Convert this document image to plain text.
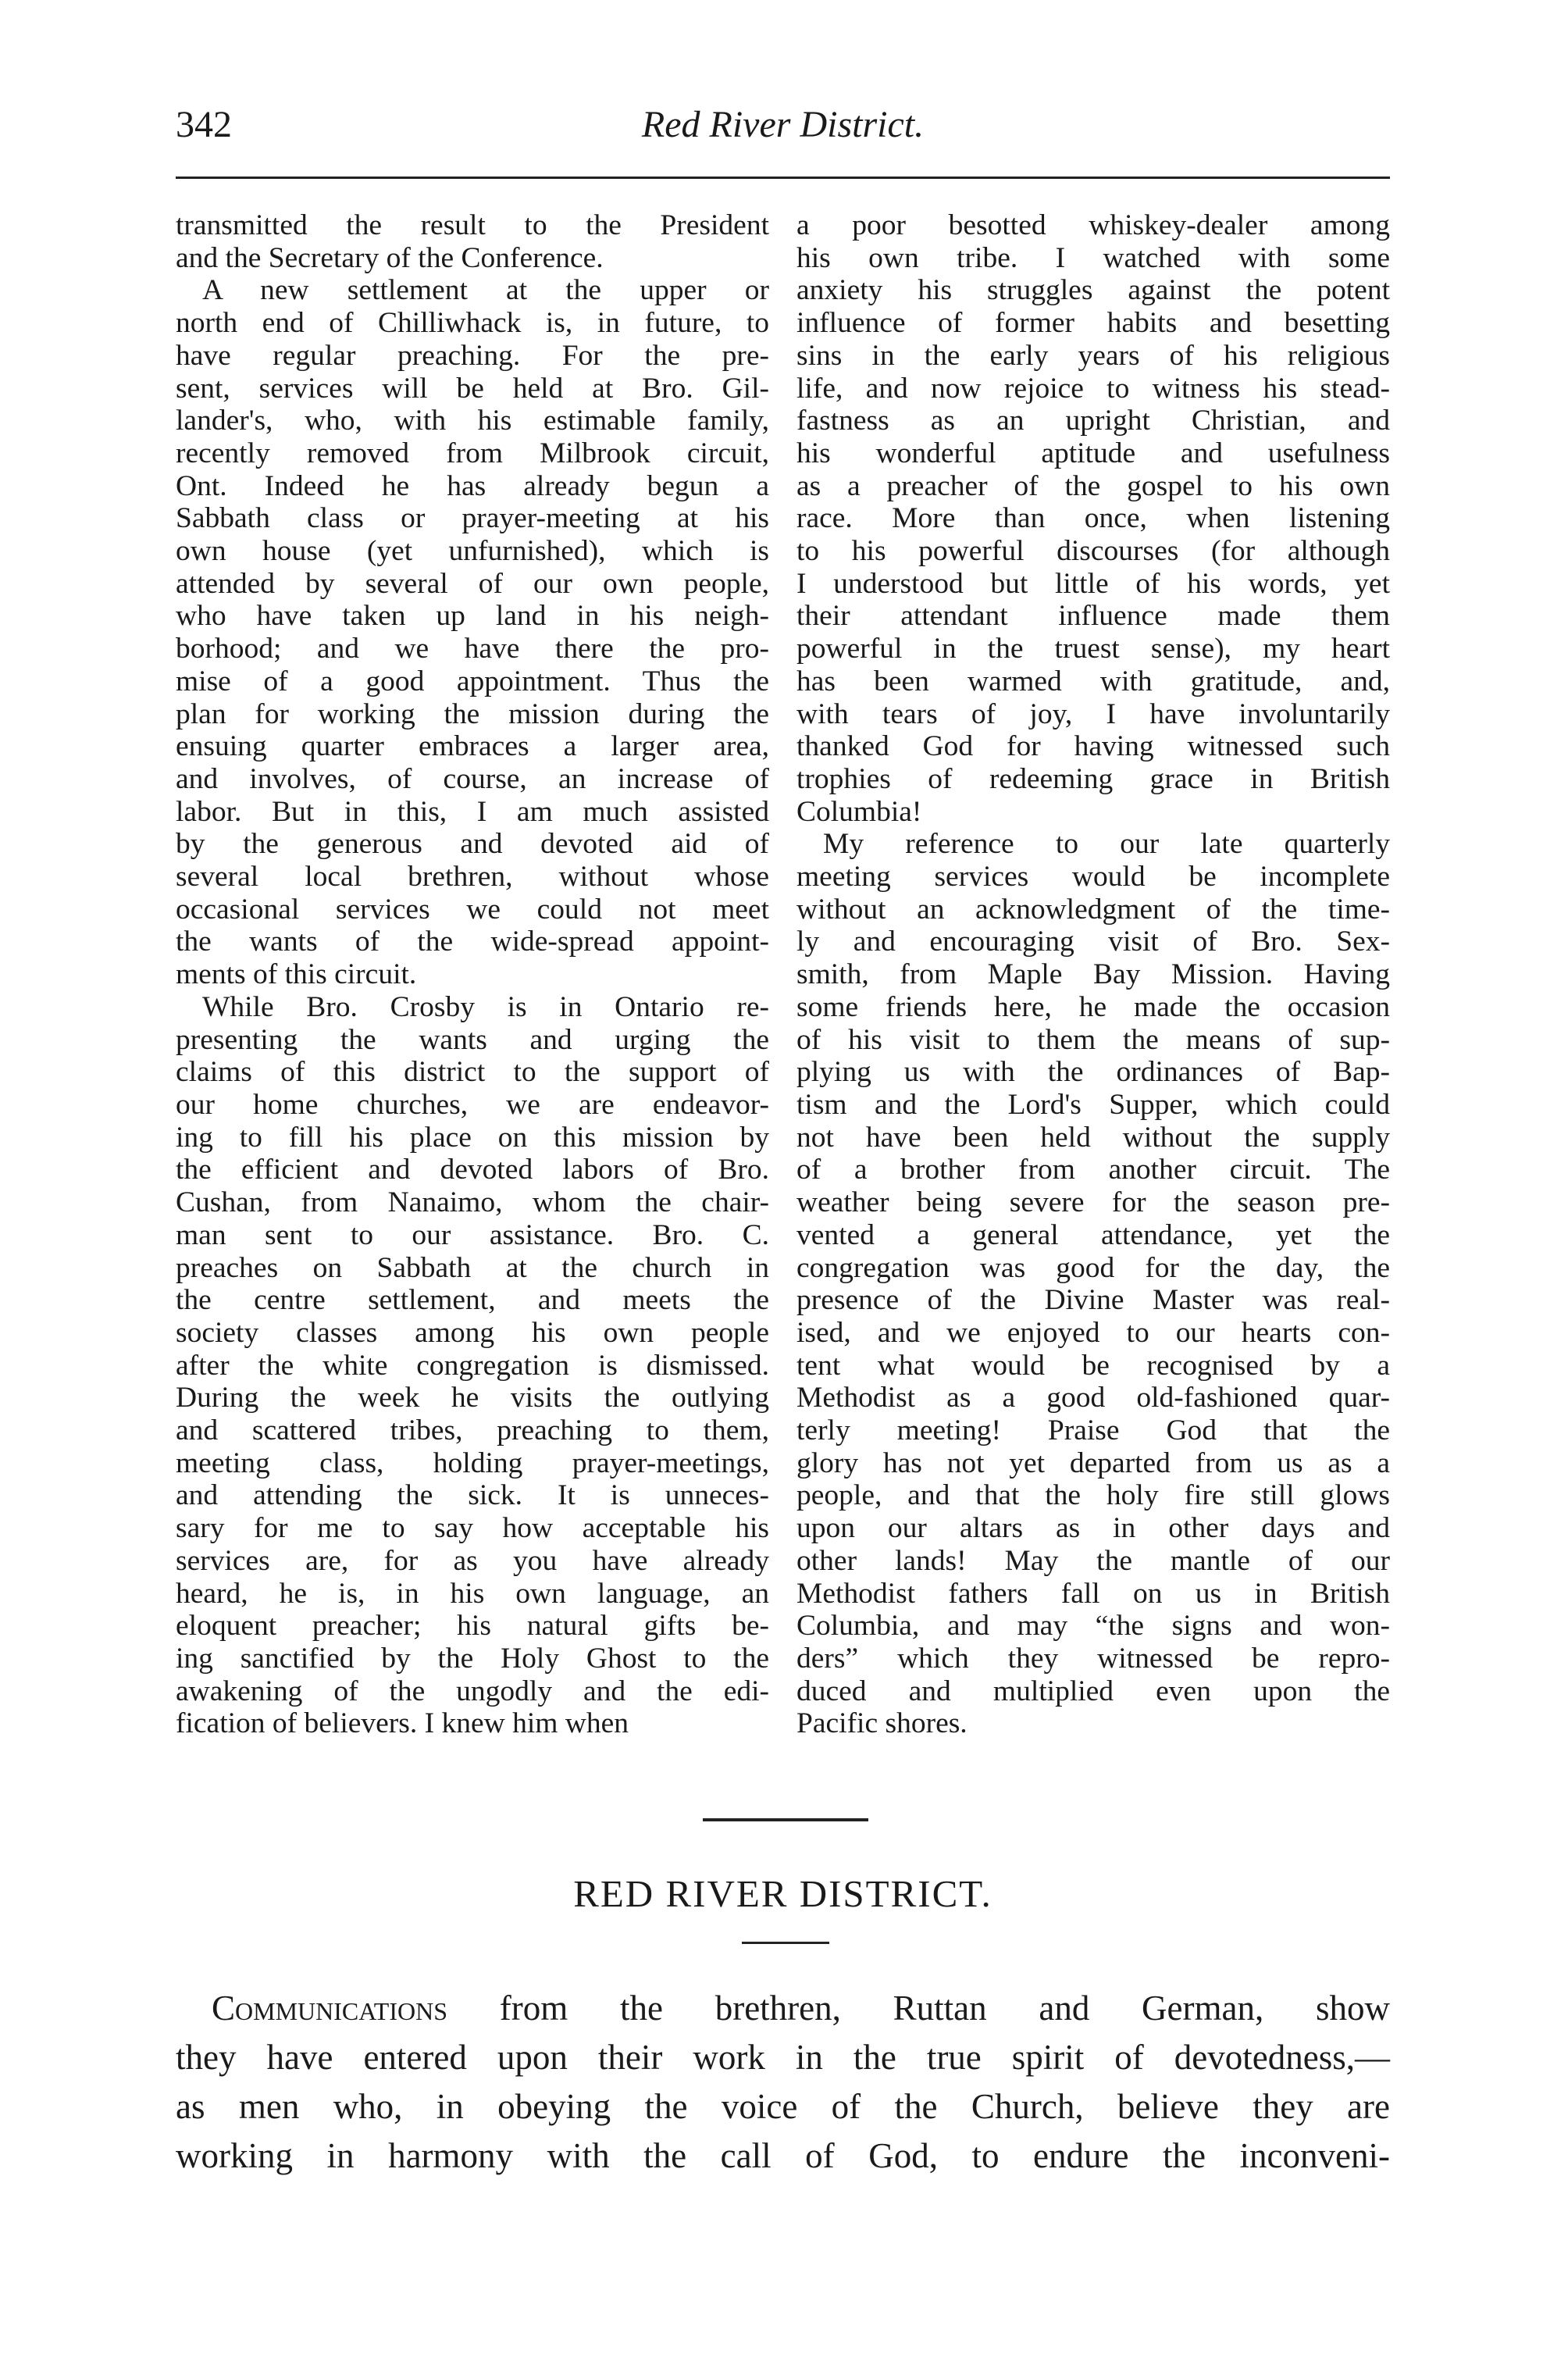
342	Red River District.
transmitted the result to the President
and the Secretary of the Conference.
A new settlement at the upper or
north end of Chilliwhack is, in future, to
have regular preaching. For the pre-
sent, services will be held at Bro. Gil-
lander's, who, with his estimable family,
recently removed from Milbrook circuit,
Ont. Indeed he has already begun a
Sabbath class or prayer-meeting at his
own house (yet unfurnished), which is
attended by several of our own people,
who have taken up land in his neigh-
borhood; and we have there the pro-
mise of a good appointment. Thus the
plan for working the mission during the
ensuing quarter embraces a larger area,
and involves, of course, an increase of
labor. But in this, I am much assisted
by the generous and devoted aid of
several local brethren, without whose
occasional services we could not meet
the wants of the wide-spread appoint-
ments of this circuit.
While Bro. Crosby is in Ontario re-
presenting the wants and urging the
claims of this district to the support of
our home churches, we are endeavor-
ing to fill his place on this mission by
the efficient and devoted labors of Bro.
Cushan, from Nanaimo, whom the chair-
man sent to our assistance. Bro. C.
preaches on Sabbath at the church in
the centre settlement, and meets the
society classes among his own people
after the white congregation is dismissed.
During the week he visits the outlying
and scattered tribes, preaching to them,
meeting class, holding prayer-meetings,
and attending the sick. It is unneces-
sary for me to say how acceptable his
services are, for as you have already
heard, he is, in his own language, an
eloquent preacher; his natural gifts be-
ing sanctified by the Holy Ghost to the
awakening of the ungodly and the edi-
fication of believers. I knew him when
a poor besotted whiskey-dealer among
his own tribe. I watched with some
anxiety his struggles against the potent
influence of former habits and besetting
sins in the early years of his religious
life, and now rejoice to witness his stead-
fastness as an upright Christian, and
his wonderful aptitude and usefulness
as a preacher of the gospel to his own
race. More than once, when listening
to his powerful discourses (for although
I understood but little of his words, yet
their attendant influence made them
powerful in the truest sense), my heart
has been warmed with gratitude, and,
with tears of joy, I have involuntarily
thanked God for having witnessed such
trophies of redeeming grace in British
Columbia!
My reference to our late quarterly
meeting services would be incomplete
without an acknowledgment of the time-
ly and encouraging visit of Bro. Sex-
smith, from Maple Bay Mission. Having
some friends here, he made the occasion
of his visit to them the means of sup-
plying us with the ordinances of Bap-
tism and the Lord's Supper, which could
not have been held without the supply
of a brother from another circuit. The
weather being severe for the season pre-
vented a general attendance, yet the
congregation was good for the day, the
presence of the Divine Master was real-
ised, and we enjoyed to our hearts con-
tent what would be recognised by a
Methodist as a good old-fashioned quar-
terly meeting! Praise God that the
glory has not yet departed from us as a
people, and that the holy fire still glows
upon our altars as in other days and
other lands! May the mantle of our
Methodist fathers fall on us in British
Columbia, and may “the signs and won-
ders” which they witnessed be repro-
duced and multiplied even upon the
Pacific shores.
RED RIVER DISTRICT.
Communications from the brethren, Ruttan and German, show
they have entered upon their work in the true spirit of devotedness,—
as men who, in obeying the voice of the Church, believe they are
working in harmony with the call of God, to endure the inconveni-
